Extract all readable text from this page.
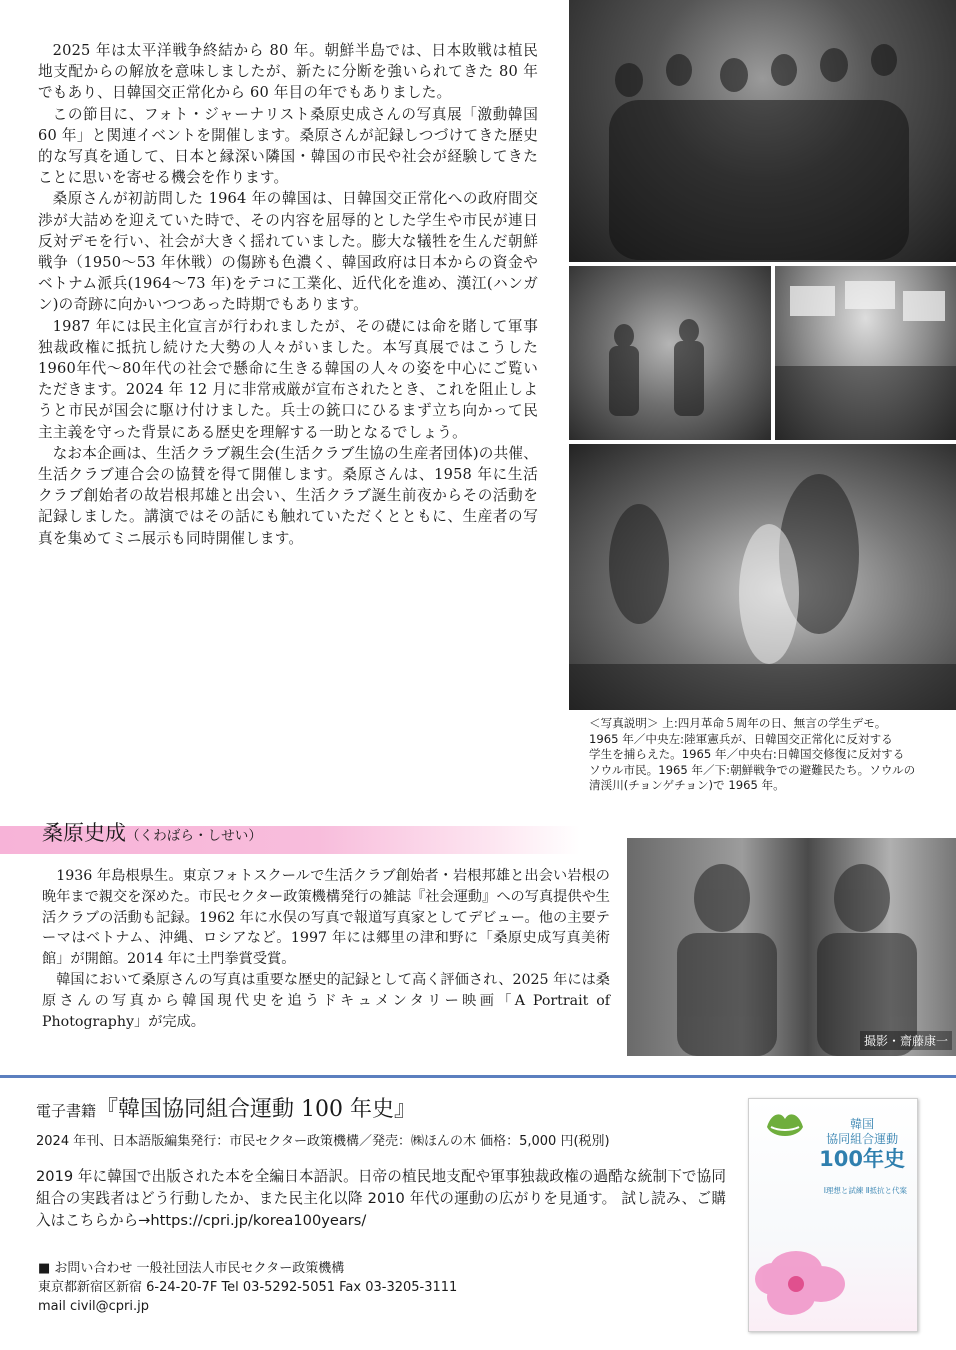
2025 年は太平洋戦争終結から 80 年。朝鮮半島では、日本敗戦は植民地支配からの解放を意味しましたが、新たに分断を強いられてきた 80 年でもあり、日韓国交正常化から 60 年目の年でもありました。

この節目に、フォト・ジャーナリスト桑原史成さんの写真展「激動韓国 60 年」と関連イベントを開催します。桑原さんが記録しつづけてきた歴史的な写真を通して、日本と縁深い隣国・韓国の市民や社会が経験してきたことに思いを寄せる機会を作ります。

桑原さんが初訪問した 1964 年の韓国は、日韓国交正常化への政府間交渉が大詰めを迎えていた時で、その内容を屈辱的とした学生や市民が連日反対デモを行い、社会が大きく揺れていました。膨大な犠牲を生んだ朝鮮戦争（1950～53 年休戦）の傷跡も色濃く、韓国政府は日本からの資金やベトナム派兵(1964～73 年)をテコに工業化、近代化を進め、漢江(ハンガン)の奇跡に向かいつつあった時期でもあります。

1987 年には民主化宣言が行われましたが、その礎には命を賭して軍事独裁政権に抵抗し続けた大勢の人々がいました。本写真展ではこうした1960年代～80年代の社会で懸命に生きる韓国の人々の姿を中心にご覧いただきます。2024 年 12 月に非常戒厳が宣布されたとき、これを阻止しようと市民が国会に駆け付けました。兵士の銃口にひるまず立ち向かって民主主義を守った背景にある歴史を理解する一助となるでしょう。

なお本企画は、生活クラブ親生会(生活クラブ生協の生産者団体)の共催、生活クラブ連合会の協賛を得て開催します。桑原さんは、1958 年に生活クラブ創始者の故岩根邦雄と出会い、生活クラブ誕生前夜からその活動を記録しました。講演ではその話にも触れていただくとともに、生産者の写真を集めてミニ展示も同時開催します。

＜写真説明＞ 上:四月革命５周年の日、無言の学生デモ。

1965 年／中央左:陸軍憲兵が、日韓国交正常化に反対する

学生を捕らえた。1965 年／中央右:日韓国交修復に反対する

ソウル市民。1965 年／下:朝鮮戦争での避難民たち。ソウルの

清渓川(チョンゲチョン)で 1965 年。

桑原史成（くわばら・しせい）

1936 年島根県生。東京フォトスクールで生活クラブ創始者・岩根邦雄と出会い岩根の晩年まで親交を深めた。市民セクター政策機構発行の雑誌『社会運動』への写真提供や生活クラブの活動も記録。1962 年に水俣の写真で報道写真家としてデビュー。他の主要テーマはベトナム、沖縄、ロシアなど。1997 年には郷里の津和野に「桑原史成写真美術館」が開館。2014 年に土門拳賞受賞。

韓国において桑原さんの写真は重要な歴史的記録として高く評価され、2025 年には桑原さんの写真から韓国現代史を追うドキュメンタリー映画「A Portrait of Photography」が完成。

撮影・齋藤康一
電子書籍『韓国協同組合運動 100 年史』
2024 年刊、日本語版編集発行：市民セクター政策機構／発売：㈱ほんの木 価格：5,000 円(税別)

2019 年に韓国で出版された本を全編日本語訳。日帝の植民地支配や軍事独裁政権の過酷な統制下で協同組合の実践者はどう行動したか、また民主化以降 2010 年代の運動の広がりを見通す。 試し読み、ご購入はこちらから→https://cpri.jp/korea100years/

■ お問い合わせ 一般社団法人市民セクター政策機構

東京都新宿区新宿 6-24-20-7F Tel 03-5292-5051 Fax 03-3205-3111

mail civil@cpri.jp

韓国
協同組合運動
100年史
Ⅰ理想と試練 Ⅱ抵抗と代案
